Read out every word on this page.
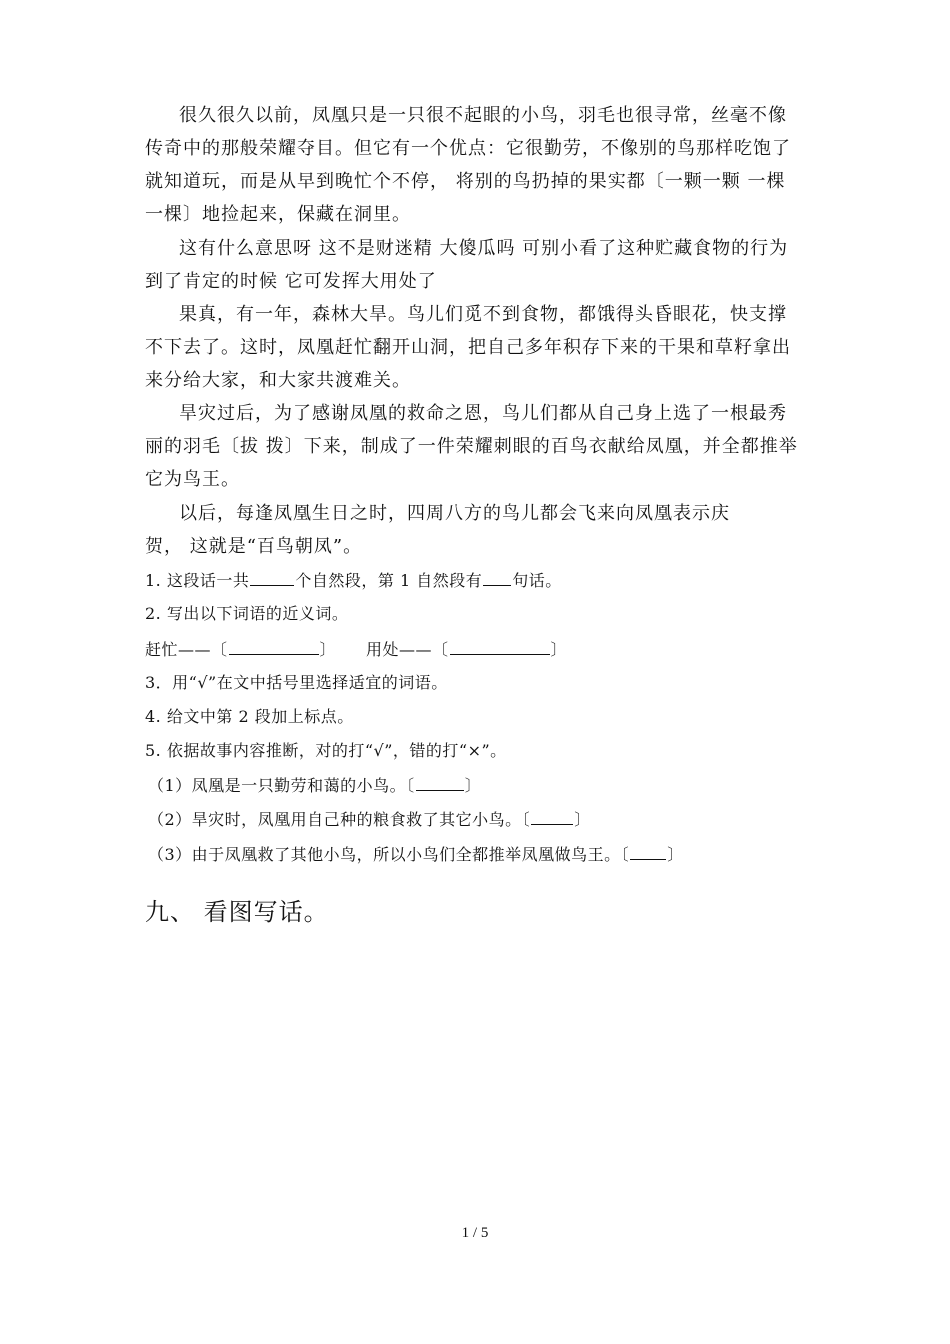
很久很久以前，凤凰只是一只很不起眼的小鸟，羽毛也很寻常，丝毫不像传奇中的那般荣耀夺目。但它有一个优点：它很勤劳，不像别的鸟那样吃饱了就知道玩，而是从早到晚忙个不停， 将别的鸟扔掉的果实都〔一颗一颗 一棵一棵〕地捡起来，保藏在洞里。

这有什么意思呀 这不是财迷精 大傻瓜吗 可别小看了这种贮藏食物的行为 到了肯定的时候 它可发挥大用处了

果真，有一年，森林大旱。鸟儿们觅不到食物，都饿得头昏眼花，快支撑不下去了。这时，凤凰赶忙翻开山洞，把自己多年积存下来的干果和草籽拿出来分给大家，和大家共渡难关。

旱灾过后，为了感谢凤凰的救命之恩，鸟儿们都从自己身上选了一根最秀丽的羽毛〔拔 拨〕下来，制成了一件荣耀刺眼的百鸟衣献给凤凰，并全都推举它为鸟王。

以后，每逢凤凰生日之时，四周八方的鸟儿都会飞来向凤凰表示庆

贺， 这就是“百鸟朝凤”。

1. 这段话一共	个自然段，第 1 自然段有 句话。

2. 写出以下词语的近义词。

赶忙——〔	〕 用处——〔	〕

3．用“√”在文中括号里选择适宜的词语。

4. 给文中第 2 段加上标点。

5. 依据故事内容推断，对的打“√”，错的打“×”。

（1）凤凰是一只勤劳和蔼的小鸟。〔	〕

（2）旱灾时，凤凰用自己种的粮食救了其它小鸟。〔	〕

（3）由于凤凰救了其他小鸟，所以小鸟们全都推举凤凰做鸟王。〔 〕

九、 看图写话。

1 / 5
